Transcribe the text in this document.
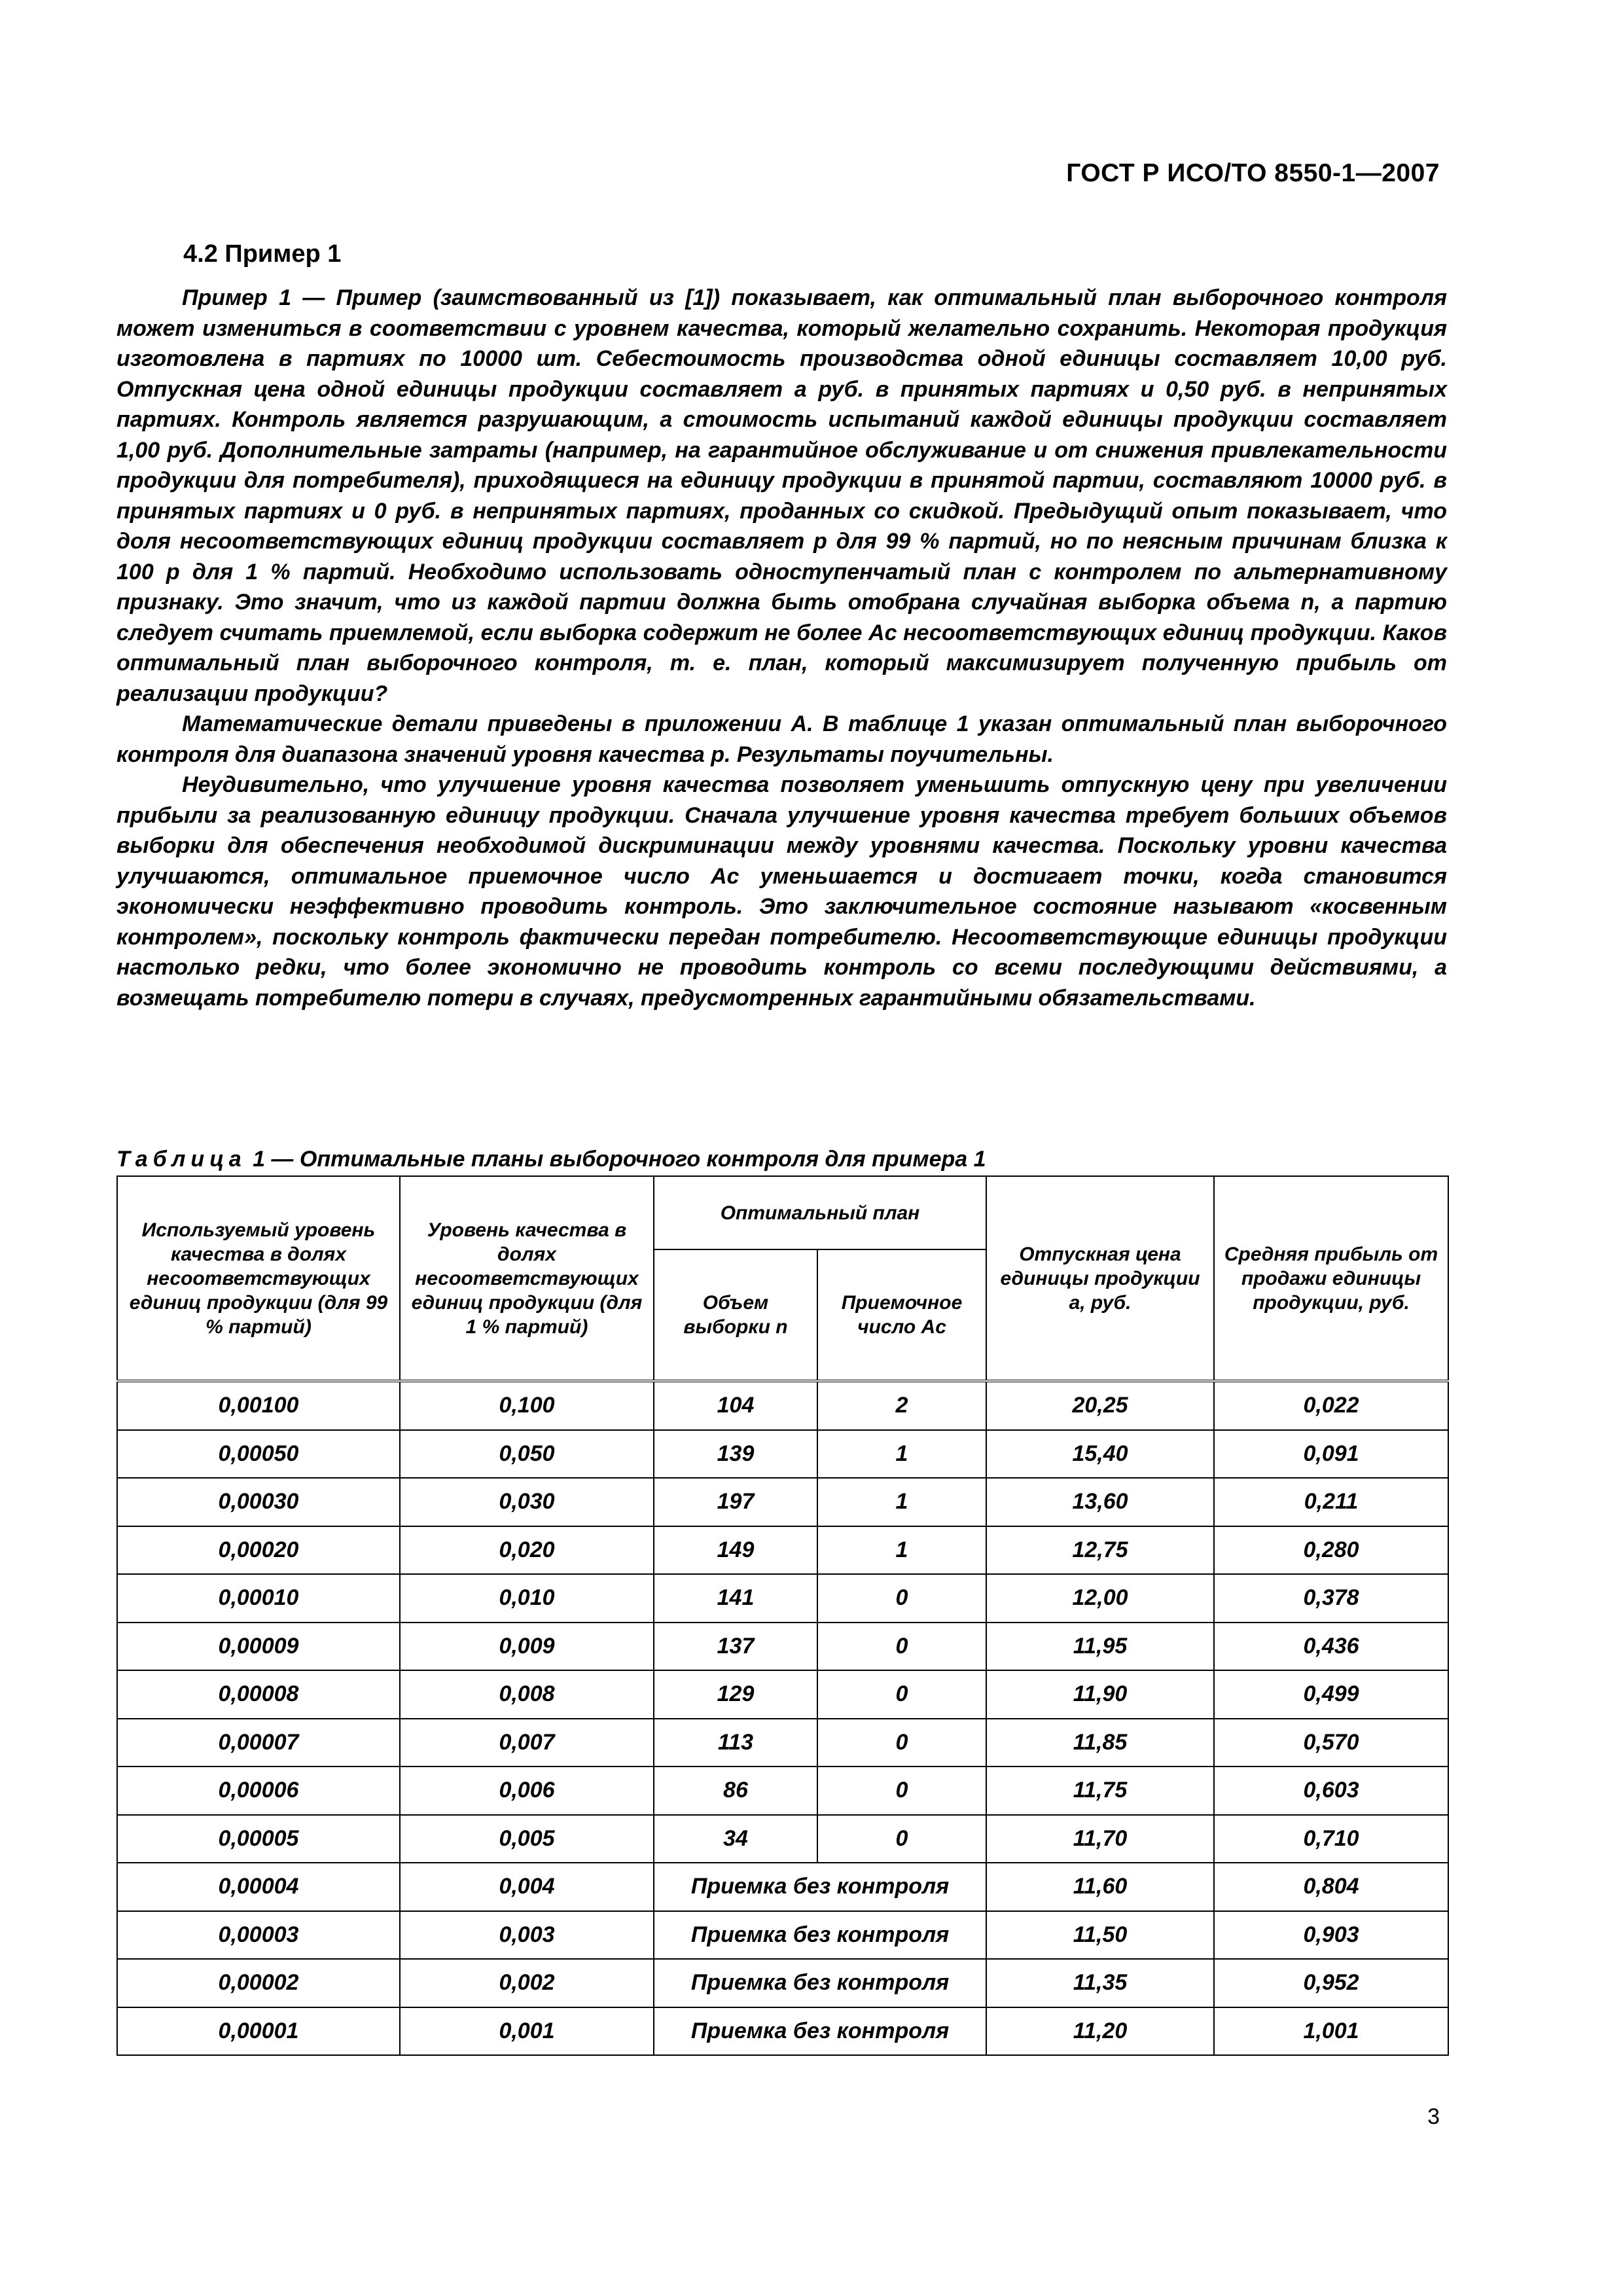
ГОСТ Р ИСО/ТО 8550-1—2007
4.2 Пример 1

Пример 1 — Пример (заимствованный из [1]) показывает, как оптимальный план выборочного контроля может измениться в соответствии с уровнем качества, который желательно сохранить. Некоторая продукция изготовлена в партиях по 10000 шт. Себестоимость производства одной единицы составляет 10,00 руб. Отпускная цена одной единицы продукции составляет a руб. в принятых партиях и 0,50 руб. в непринятых партиях. Контроль является разрушающим, а стоимость испытаний каждой единицы продукции составляет 1,00 руб. Дополнительные затраты (например, на гарантийное обслуживание и от снижения привлекательности продукции для потребителя), приходящиеся на единицу продукции в принятой партии, составляют 10000 руб. в принятых партиях и 0 руб. в непринятых партиях, проданных со скидкой. Предыдущий опыт показывает, что доля несоответствующих единиц продукции составляет p для 99 % партий, но по неясным причинам близка к 100 p для 1 % партий. Необходимо использовать одноступенчатый план с контролем по альтернативному признаку. Это значит, что из каждой партии должна быть отобрана случайная выборка объема n, а партию следует считать приемлемой, если выборка содержит не более Ac несоответствующих единиц продукции. Каков оптимальный план выборочного контроля, т. е. план, который максимизирует полученную прибыль от реализации продукции?

Математические детали приведены в приложении А. В таблице 1 указан оптимальный план выборочного контроля для диапазона значений уровня качества p. Результаты поучительны.

Неудивительно, что улучшение уровня качества позволяет уменьшить отпускную цену при увеличении прибыли за реализованную единицу продукции. Сначала улучшение уровня качества требует больших объемов выборки для обеспечения необходимой дискриминации между уровнями качества. Поскольку уровни качества улучшаются, оптимальное приемочное число Ac уменьшается и достигает точки, когда становится экономически неэффективно проводить контроль. Это заключительное состояние называют «косвенным контролем», поскольку контроль фактически передан потребителю. Несоответствующие единицы продукции настолько редки, что более экономично не проводить контроль со всеми последующими действиями, а возмещать потребителю потери в случаях, предусмотренных гарантийными обязательствами.

Таблица 1 — Оптимальные планы выборочного контроля для примера 1
Используемый уровень качества в долях несоответствующих единиц продукции (для 99 % партий)	Уровень качества в долях несоответствующих единиц продукции (для 1 % партий)	Оптимальный план		Отпускная цена единицы продукции a, руб.	Средняя прибыль от продажи единицы продукции, руб.
		Объем выборки n	Приемочное число Ac		
0,00100	0,100	104	2	20,25	0,022
0,00050	0,050	139	1	15,40	0,091
0,00030	0,030	197	1	13,60	0,211
0,00020	0,020	149	1	12,75	0,280
0,00010	0,010	141	0	12,00	0,378
0,00009	0,009	137	0	11,95	0,436
0,00008	0,008	129	0	11,90	0,499
0,00007	0,007	113	0	11,85	0,570
0,00006	0,006	86	0	11,75	0,603
0,00005	0,005	34	0	11,70	0,710
0,00004	0,004	Приемка без контроля		11,60	0,804
0,00003	0,003	Приемка без контроля		11,50	0,903
0,00002	0,002	Приемка без контроля		11,35	0,952
0,00001	0,001	Приемка без контроля		11,20	1,001
3
